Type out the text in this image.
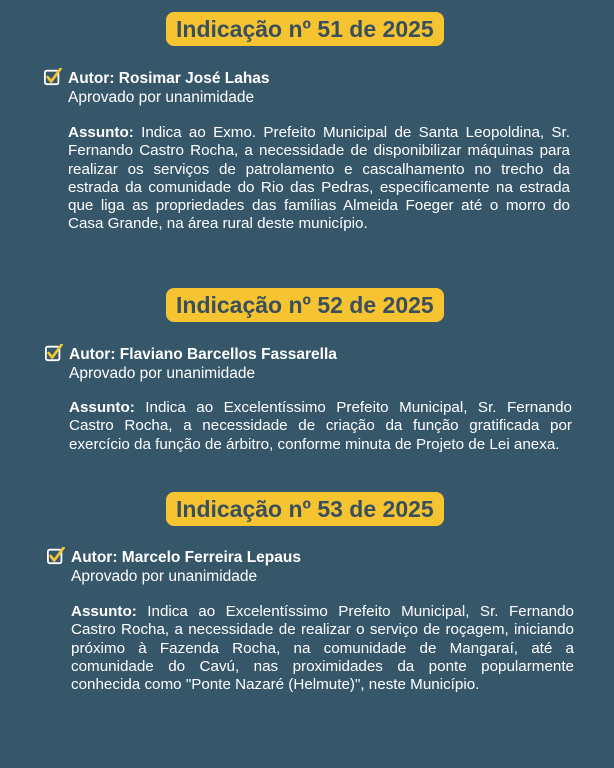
Indicação nº 51 de 2025
Autor: Rosimar José Lahas
Aprovado por unanimidade
Assunto: Indica ao Exmo. Prefeito Municipal de Santa Leopoldina, Sr. Fernando Castro Rocha, a necessidade de disponibilizar máquinas para realizar os serviços de patrolamento e cascalhamento no trecho da estrada da comunidade do Rio das Pedras, especificamente na estrada que liga as propriedades das famílias Almeida Foeger até o morro do Casa Grande, na área rural deste município.
Indicação nº 52 de 2025
Autor: Flaviano Barcellos Fassarella
Aprovado por unanimidade
Assunto: Indica ao Excelentíssimo Prefeito Municipal, Sr. Fernando Castro Rocha, a necessidade de criação da função gratificada por exercício da função de árbitro, conforme minuta de Projeto de Lei anexa.
Indicação nº 53 de 2025
Autor: Marcelo Ferreira Lepaus
Aprovado por unanimidade
Assunto: Indica ao Excelentíssimo Prefeito Municipal, Sr. Fernando Castro Rocha, a necessidade de realizar o serviço de roçagem, iniciando próximo à Fazenda Rocha, na comunidade de Mangaraí, até a comunidade do Cavú, nas proximidades da ponte popularmente conhecida como "Ponte Nazaré (Helmute)", neste Município.
